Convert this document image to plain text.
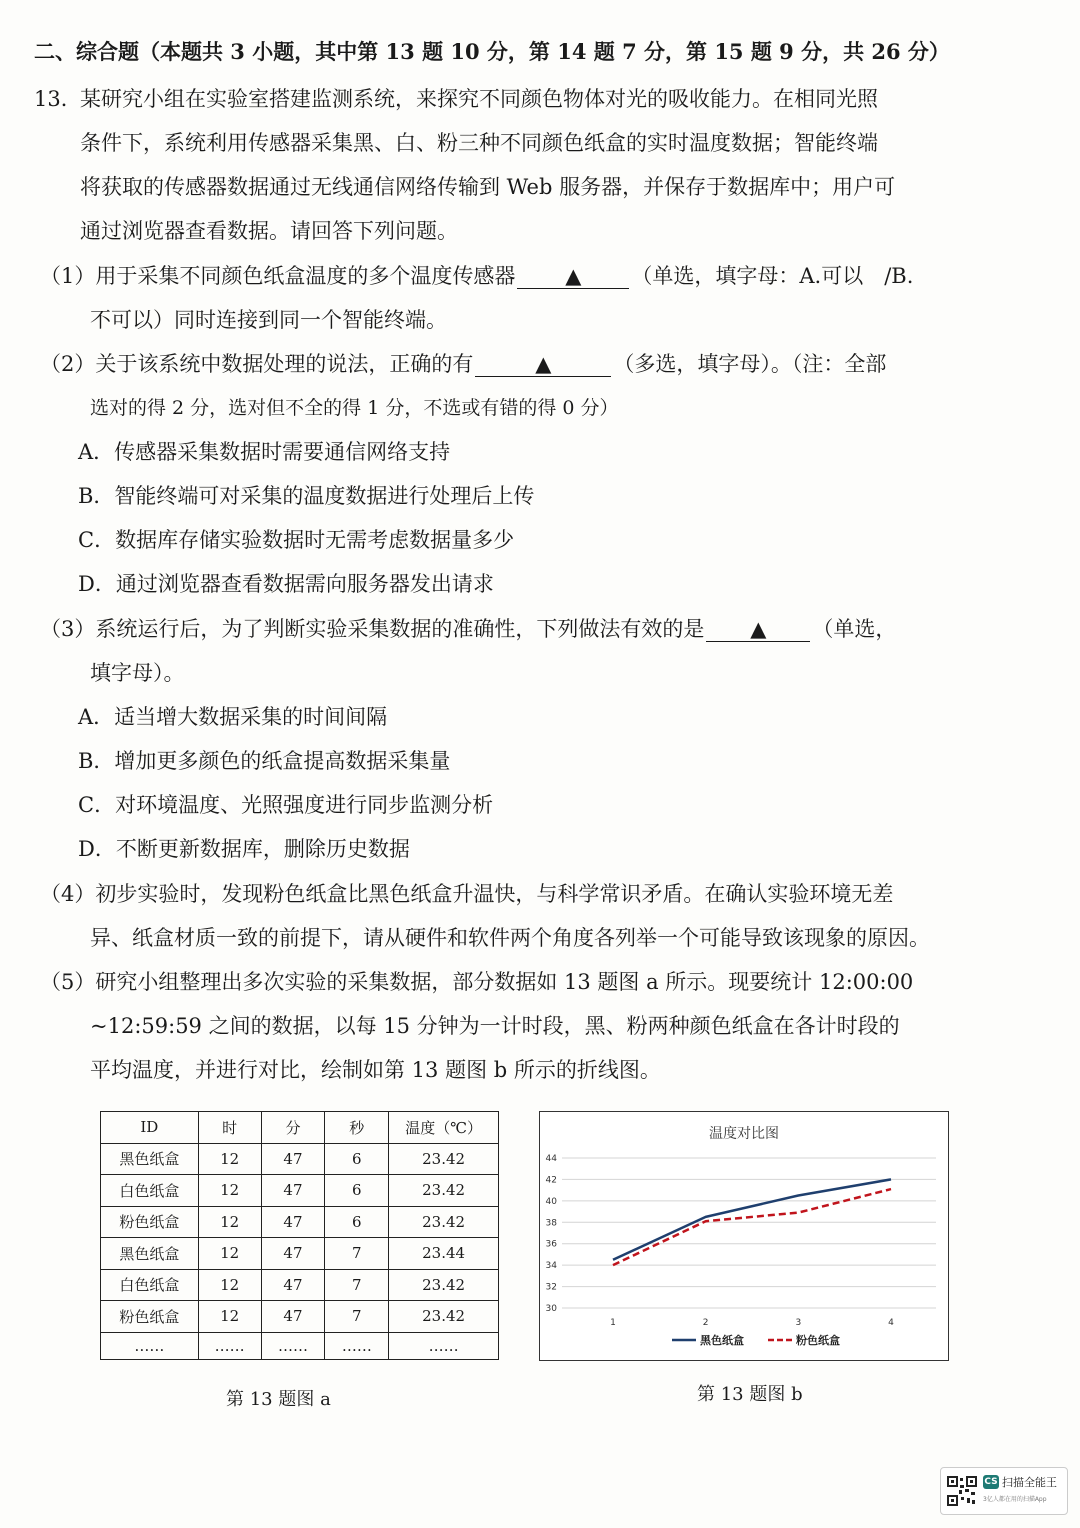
二、综合题（本题共 3 小题，其中第 13 题 10 分，第 14 题 7 分，第 15 题 9 分，共 26 分）
13．
某研究小组在实验室搭建监测系统，来探究不同颜色物体对光的吸收能力。在相同光照
条件下，系统利用传感器采集黑、白、粉三种不同颜色纸盒的实时温度数据；智能终端
将获取的传感器数据通过无线通信网络传输到 Web 服务器，并保存于数据库中；用户可
通过浏览器查看数据。请回答下列问题。
（1）用于采集不同颜色纸盒温度的多个温度传感器 ▲ （单选，填字母：A.可以　/B.
不可以）同时连接到同一个智能终端。
（2）关于该系统中数据处理的说法，正确的有	▲	（多选，填字母）。（注：全部
选对的得 2 分，选对但不全的得 1 分，不选或有错的得 0 分）
A．传感器采集数据时需要通信网络支持
B．智能终端可对采集的温度数据进行处理后上传
C．数据库存储实验数据时无需考虑数据量多少
D．通过浏览器查看数据需向服务器发出请求
（3）系统运行后，为了判断实验采集数据的准确性，下列做法有效的是 ▲ （单选，
填字母）。
A．适当增大数据采集的时间间隔
B．增加更多颜色的纸盒提高数据采集量
C．对环境温度、光照强度进行同步监测分析
D．不断更新数据库，删除历史数据
（4）初步实验时，发现粉色纸盒比黑色纸盒升温快，与科学常识矛盾。在确认实验环境无差
异、纸盒材质一致的前提下，请从硬件和软件两个角度各列举一个可能导致该现象的原因。
（5）研究小组整理出多次实验的采集数据，部分数据如 13 题图 a 所示。现要统计 12:00:00
~12:59:59 之间的数据，以每 15 分钟为一计时段，黑、粉两种颜色纸盒在各计时段的
平均温度，并进行对比，绘制如第 13 题图 b 所示的折线图。
ID	时	分	秒	温度（℃）
黑色纸盒	12	47	6	23.42
白色纸盒	12	47	6	23.42
粉色纸盒	12	47	6	23.42
黑色纸盒	12	47	7	23.44
白色纸盒	12	47	7	23.42
粉色纸盒	12	47	7	23.42
……	……	……	……	……
第 13 题图 a
温度对比图
30
32
34
36
38
40
42
44
1	2	3	4
黑色纸盒	粉色纸盒
第 13 题图 b
CS 扫描全能王
3亿人都在用的扫描App
